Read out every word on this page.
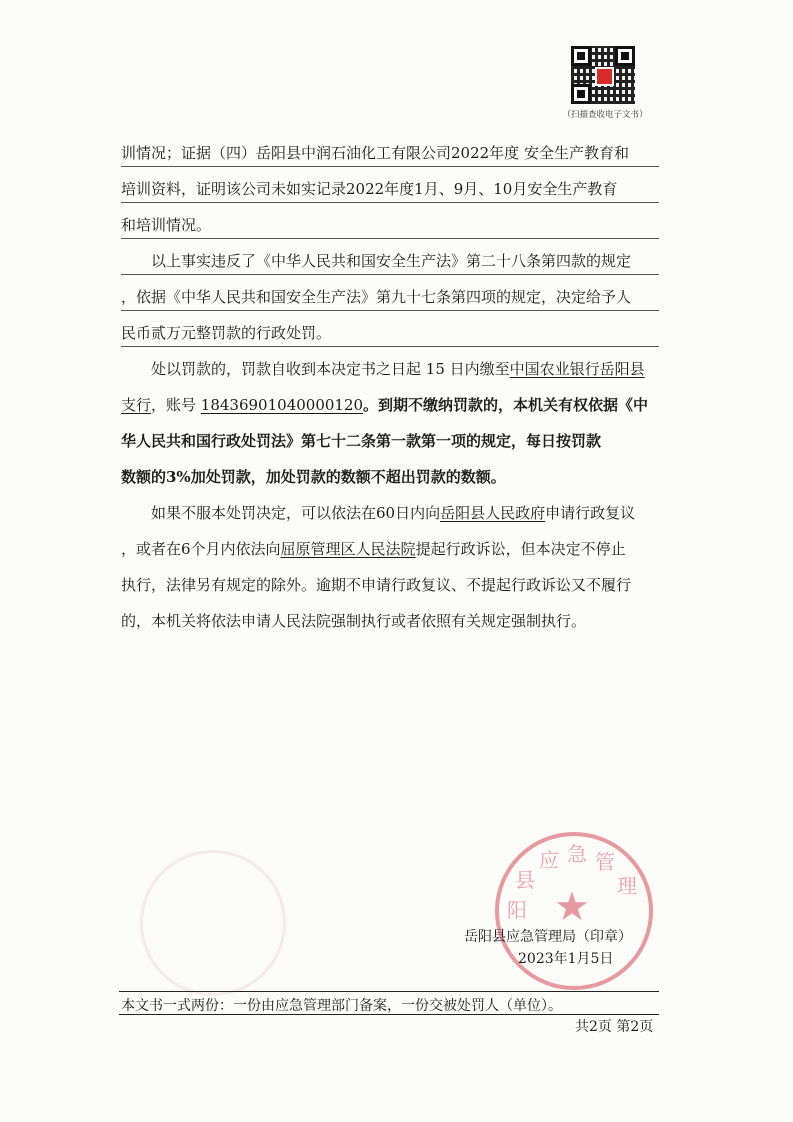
（扫描查收电子文书）
训情况；证据（四）岳阳县中润石油化工有限公司2022年度 安全生产教育和
培训资料，证明该公司未如实记录2022年度1月、9月、10月安全生产教育
和培训情况。
以上事实违反了《中华人民共和国安全生产法》第二十八条第四款的规定
，依据《中华人民共和国安全生产法》第九十七条第四项的规定，决定给予人
民币贰万元整罚款的行政处罚。
处以罚款的，罚款自收到本决定书之日起 15 日内缴至中国农业银行岳阳县
支行，账号 18436901040000120。到期不缴纳罚款的，本机关有权依据《中
华人民共和国行政处罚法》第七十二条第一款第一项的规定，每日按罚款
数额的3%加处罚款，加处罚款的数额不超出罚款的数额。
如果不服本处罚决定，可以依法在60日内向岳阳县人民政府申请行政复议
，或者在6个月内依法向屈原管理区人民法院提起行政诉讼，但本决定不停止
执行，法律另有规定的除外。逾期不申请行政复议、不提起行政诉讼又不履行
的，本机关将依法申请人民法院强制执行或者依照有关规定强制执行。
★
阳
县
应 急 管
理
岳阳县应急管理局（印章）
2023年1月5日
本文书一式两份：一份由应急管理部门备案，一份交被处罚人（单位）。
共2页 第2页
